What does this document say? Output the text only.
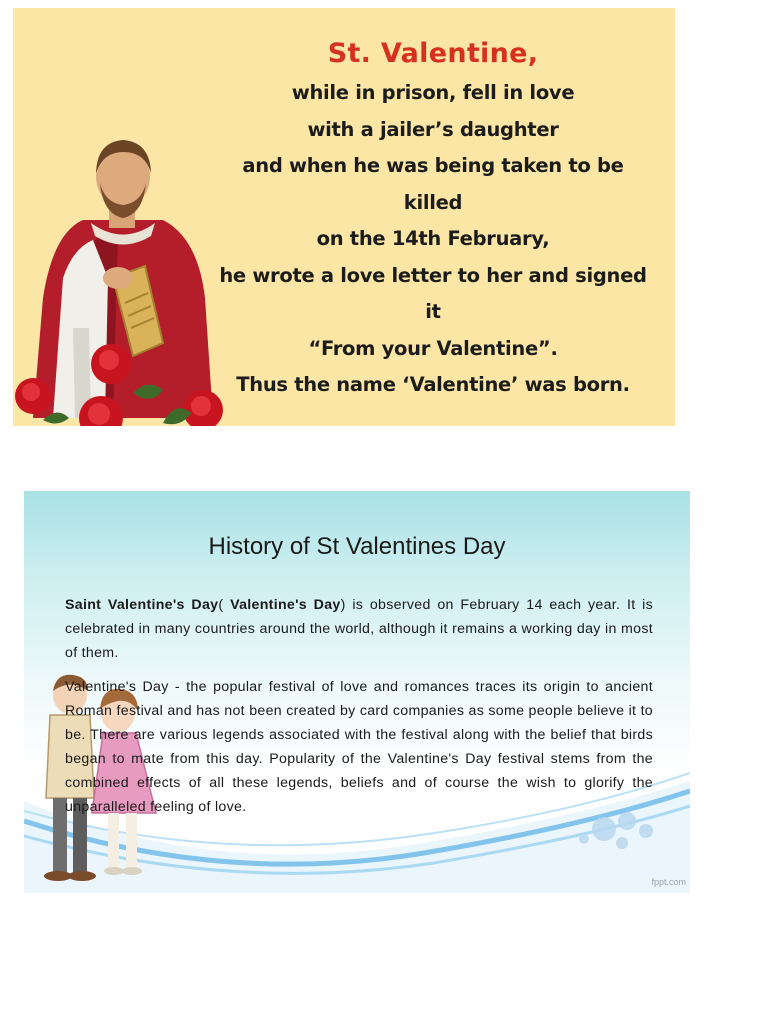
St. Valentine,

while in prison, fell in love

with a jailer’s daughter

and when he was being taken to be killed

on the 14th February,

he wrote a love letter to her and signed it

“From your Valentine”.

Thus the name ‘Valentine’ was born.

History of St Valentines Day

Saint Valentine's Day( Valentine's Day) is observed on February 14 each year. It is celebrated in many countries around the world, although it remains a working day in most of them.

Valentine's Day - the popular festival of love and romances traces its origin to ancient Roman festival and has not been created by card companies as some people believe it to be. There are various legends associated with the festival along with the belief that birds began to mate from this day. Popularity of the Valentine's Day festival stems from the combined effects of all these legends, beliefs and of course the wish to glorify the unparalleled feeling of love.

fppt.com
